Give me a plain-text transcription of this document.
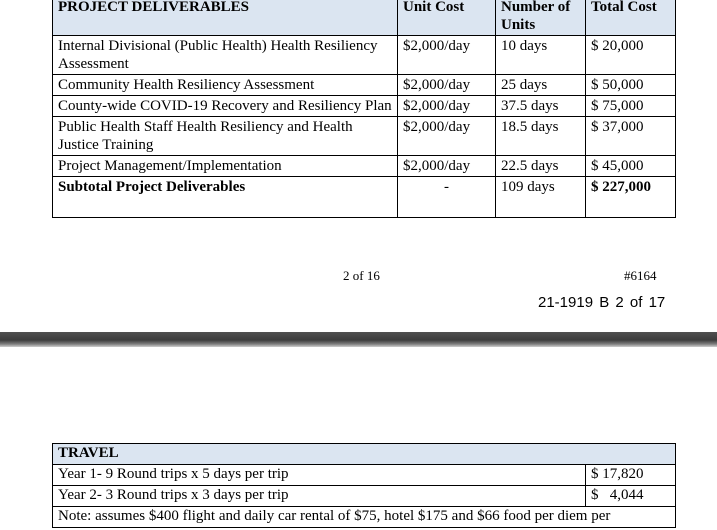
PROJECT DELIVERABLES	Unit Cost	Number of Units	Total Cost
Internal Divisional (Public Health) Health Resiliency Assessment	$2,000/day	10 days	$ 20,000
Community Health Resiliency Assessment	$2,000/day	25 days	$ 50,000
County-wide COVID-19 Recovery and Resiliency Plan	$2,000/day	37.5 days	$ 75,000
Public Health Staff Health Resiliency and Health Justice Training	$2,000/day	18.5 days	$ 37,000
Project Management/Implementation	$2,000/day	22.5 days	$ 45,000
Subtotal Project Deliverables	-	109 days	$ 227,000
2 of 16	#6164
21-1919 B 2 of 17
TRAVEL	
Year 1- 9 Round trips x 5 days per trip	$ 17,820
Year 2- 3 Round trips x 3 days per trip	$   4,044
Note: assumes $400 flight and daily car rental of $75, hotel $175 and $66 food per diem per	
